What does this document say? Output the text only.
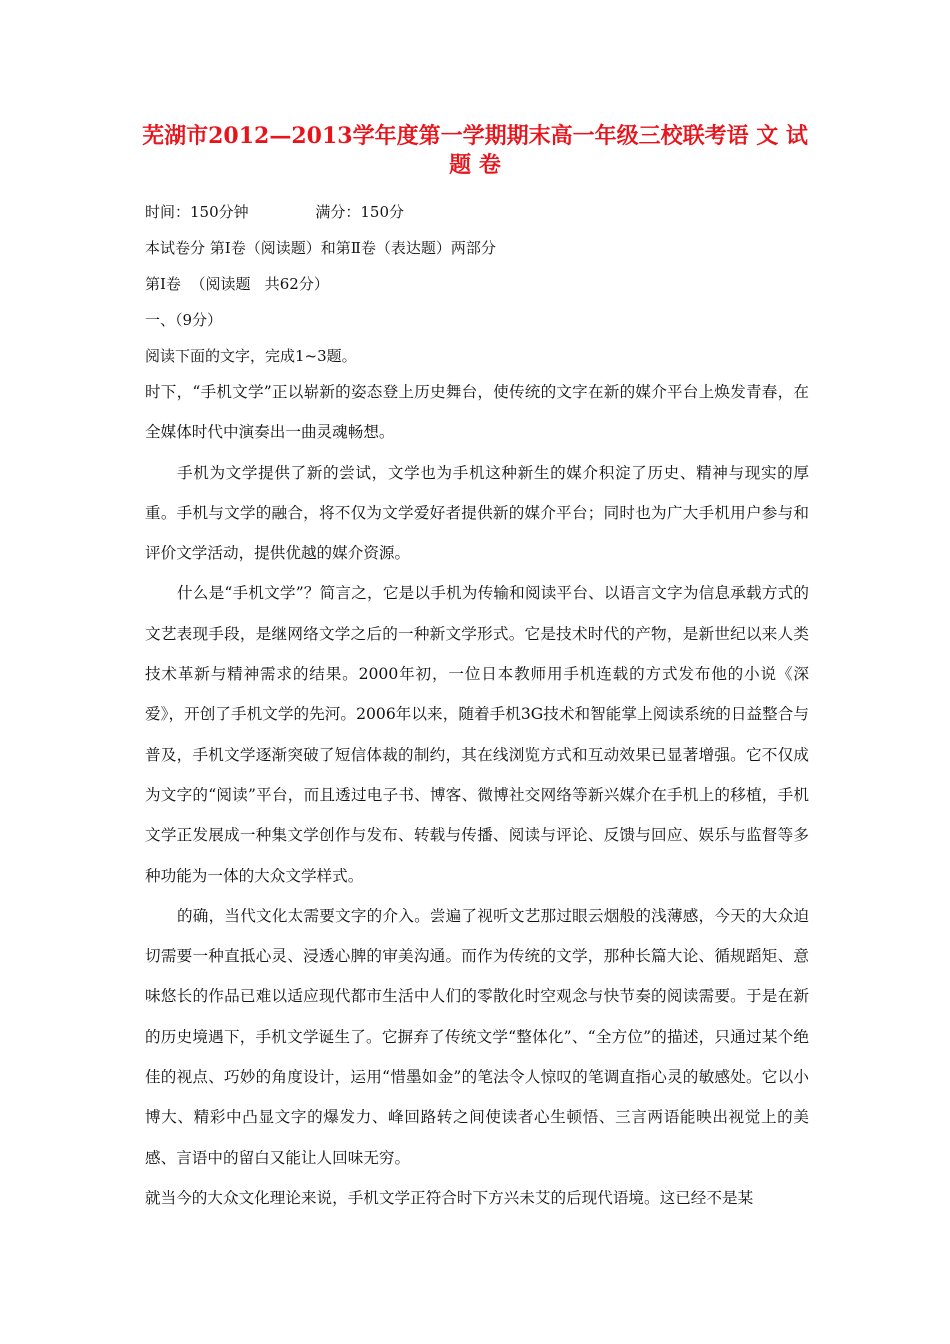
芜湖市2012—2013学年度第一学期期末高一年级三校联考语 文 试 题 卷

时间：150分钟              满分：150分

本试卷分 第Ⅰ卷（阅读题）和第Ⅱ卷（表达题）两部分

第Ⅰ卷  （阅读题   共62分）

一、（9分）

阅读下面的文字，完成1~3题。

时下，“手机文学”正以崭新的姿态登上历史舞台，使传统的文字在新的媒介平台上焕发青春，在全媒体时代中演奏出一曲灵魂畅想。

手机为文学提供了新的尝试，文学也为手机这种新生的媒介积淀了历史、精神与现实的厚重。手机与文学的融合，将不仅为文学爱好者提供新的媒介平台；同时也为广大手机用户参与和评价文学活动，提供优越的媒介资源。

什么是“手机文学”？简言之，它是以手机为传输和阅读平台、以语言文字为信息承载方式的文艺表现手段，是继网络文学之后的一种新文学形式。它是技术时代的产物，是新世纪以来人类技术革新与精神需求的结果。2000年初，一位日本教师用手机连载的方式发布他的小说《深爱》，开创了手机文学的先河。2006年以来，随着手机3G技术和智能掌上阅读系统的日益整合与普及，手机文学逐渐突破了短信体裁的制约，其在线浏览方式和互动效果已显著增强。它不仅成为文字的“阅读”平台，而且透过电子书、博客、微博社交网络等新兴媒介在手机上的移植，手机文学正发展成一种集文学创作与发布、转载与传播、阅读与评论、反馈与回应、娱乐与监督等多种功能为一体的大众文学样式。

的确，当代文化太需要文字的介入。尝遍了视听文艺那过眼云烟般的浅薄感，今天的大众迫切需要一种直抵心灵、浸透心脾的审美沟通。而作为传统的文学，那种长篇大论、循规蹈矩、意味悠长的作品已难以适应现代都市生活中人们的零散化时空观念与快节奏的阅读需要。于是在新的历史境遇下，手机文学诞生了。它摒弃了传统文学“整体化”、“全方位”的描述，只通过某个绝佳的视点、巧妙的角度设计，运用“惜墨如金”的笔法令人惊叹的笔调直指心灵的敏感处。它以小博大、精彩中凸显文字的爆发力、峰回路转之间使读者心生顿悟、三言两语能映出视觉上的美感、言语中的留白又能让人回味无穷。

就当今的大众文化理论来说，手机文学正符合时下方兴未艾的后现代语境。这已经不是某
